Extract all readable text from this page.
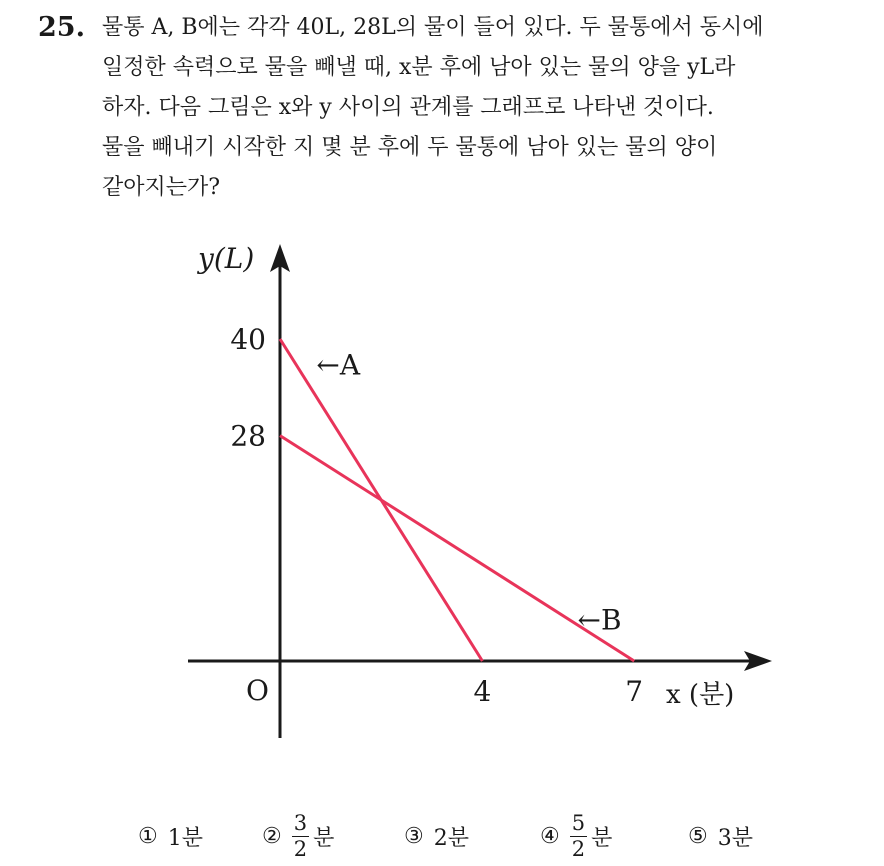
25. 물통 A, B에는 각각 40L, 28L의 물이 들어 있다. 두 물통에서 동시에
일정한 속력으로 물을 빼낼 때, x분 후에 남아 있는 물의 양을 yL라
하자. 다음 그림은 x와 y 사이의 관계를 그래프로 나타낸 것이다.
물을 빼내기 시작한 지 몇 분 후에 두 물통에 남아 있는 물의 양이
같아지는가?
y(L)
x (분)
O	4	7
40
28
←A
←B
① 1분	② $\frac{3}{2}$ 분	③ 2분	④ $\frac{5}{2}$ 분	⑤ 3분
